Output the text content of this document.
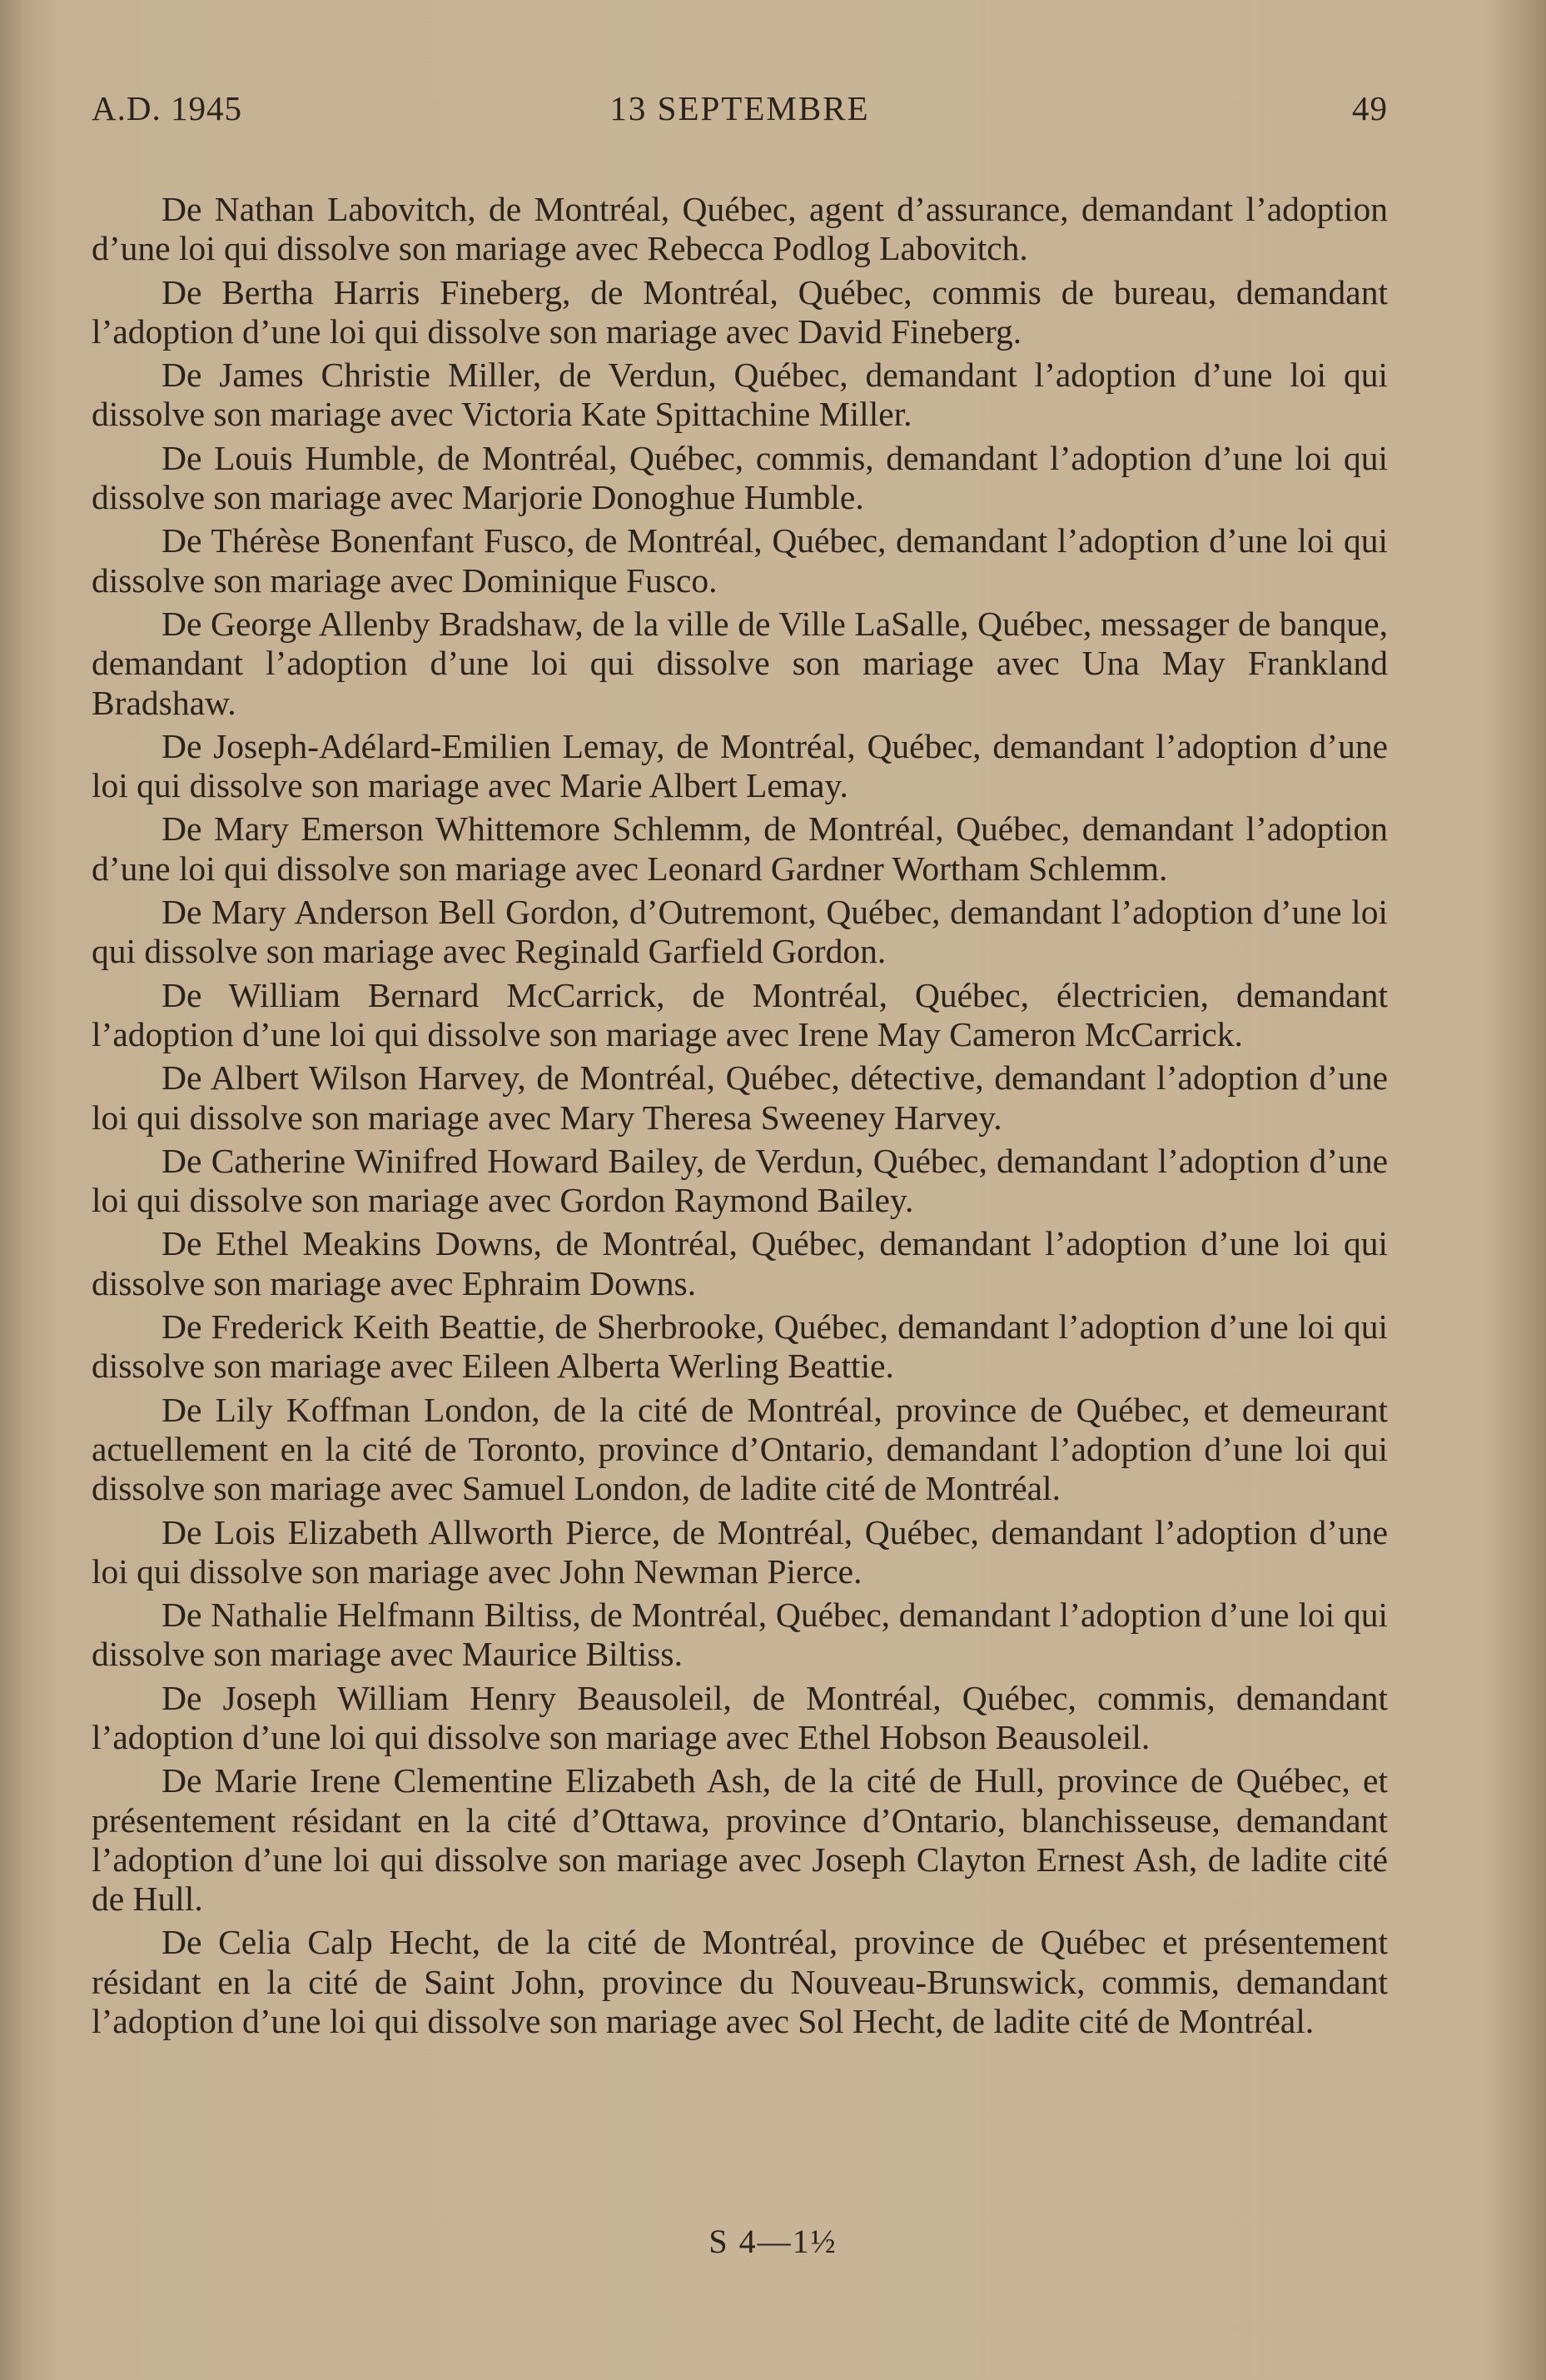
A.D. 1945	13 SEPTEMBRE	49

De Nathan Labovitch, de Montréal, Québec, agent d’assurance, demandant l’adoption d’une loi qui dissolve son mariage avec Rebecca Podlog Labovitch.

De Bertha Harris Fineberg, de Montréal, Québec, commis de bureau, demandant l’adoption d’une loi qui dissolve son mariage avec David Fineberg.

De James Christie Miller, de Verdun, Québec, demandant l’adoption d’une loi qui dissolve son mariage avec Victoria Kate Spittachine Miller.

De Louis Humble, de Montréal, Québec, commis, demandant l’adoption d’une loi qui dissolve son mariage avec Marjorie Donoghue Humble.

De Thérèse Bonenfant Fusco, de Montréal, Québec, demandant l’adoption d’une loi qui dissolve son mariage avec Dominique Fusco.

De George Allenby Bradshaw, de la ville de Ville LaSalle, Québec, messager de banque, demandant l’adoption d’une loi qui dissolve son mariage avec Una May Frankland Bradshaw.

De Joseph-Adélard-Emilien Lemay, de Montréal, Québec, demandant l’adoption d’une loi qui dissolve son mariage avec Marie Albert Lemay.

De Mary Emerson Whittemore Schlemm, de Montréal, Québec, demandant l’adoption d’une loi qui dissolve son mariage avec Leonard Gardner Wortham Schlemm.

De Mary Anderson Bell Gordon, d’Outremont, Québec, demandant l’adoption d’une loi qui dissolve son mariage avec Reginald Garfield Gordon.

De William Bernard McCarrick, de Montréal, Québec, électricien, demandant l’adoption d’une loi qui dissolve son mariage avec Irene May Cameron McCarrick.

De Albert Wilson Harvey, de Montréal, Québec, détective, demandant l’adoption d’une loi qui dissolve son mariage avec Mary Theresa Sweeney Harvey.

De Catherine Winifred Howard Bailey, de Verdun, Québec, demandant l’adoption d’une loi qui dissolve son mariage avec Gordon Raymond Bailey.

De Ethel Meakins Downs, de Montréal, Québec, demandant l’adoption d’une loi qui dissolve son mariage avec Ephraim Downs.

De Frederick Keith Beattie, de Sherbrooke, Québec, demandant l’adoption d’une loi qui dissolve son mariage avec Eileen Alberta Werling Beattie.

De Lily Koffman London, de la cité de Montréal, province de Québec, et demeurant actuellement en la cité de Toronto, province d’Ontario, demandant l’adoption d’une loi qui dissolve son mariage avec Samuel London, de ladite cité de Montréal.

De Lois Elizabeth Allworth Pierce, de Montréal, Québec, demandant l’adoption d’une loi qui dissolve son mariage avec John Newman Pierce.

De Nathalie Helfmann Biltiss, de Montréal, Québec, demandant l’adoption d’une loi qui dissolve son mariage avec Maurice Biltiss.

De Joseph William Henry Beausoleil, de Montréal, Québec, commis, demandant l’adoption d’une loi qui dissolve son mariage avec Ethel Hobson Beausoleil.

De Marie Irene Clementine Elizabeth Ash, de la cité de Hull, province de Québec, et présentement résidant en la cité d’Ottawa, province d’Ontario, blanchisseuse, demandant l’adoption d’une loi qui dissolve son mariage avec Joseph Clayton Ernest Ash, de ladite cité de Hull.

De Celia Calp Hecht, de la cité de Montréal, province de Québec et présentement résidant en la cité de Saint John, province du Nouveau-Brunswick, commis, demandant l’adoption d’une loi qui dissolve son mariage avec Sol Hecht, de ladite cité de Montréal.

S 4—1½
